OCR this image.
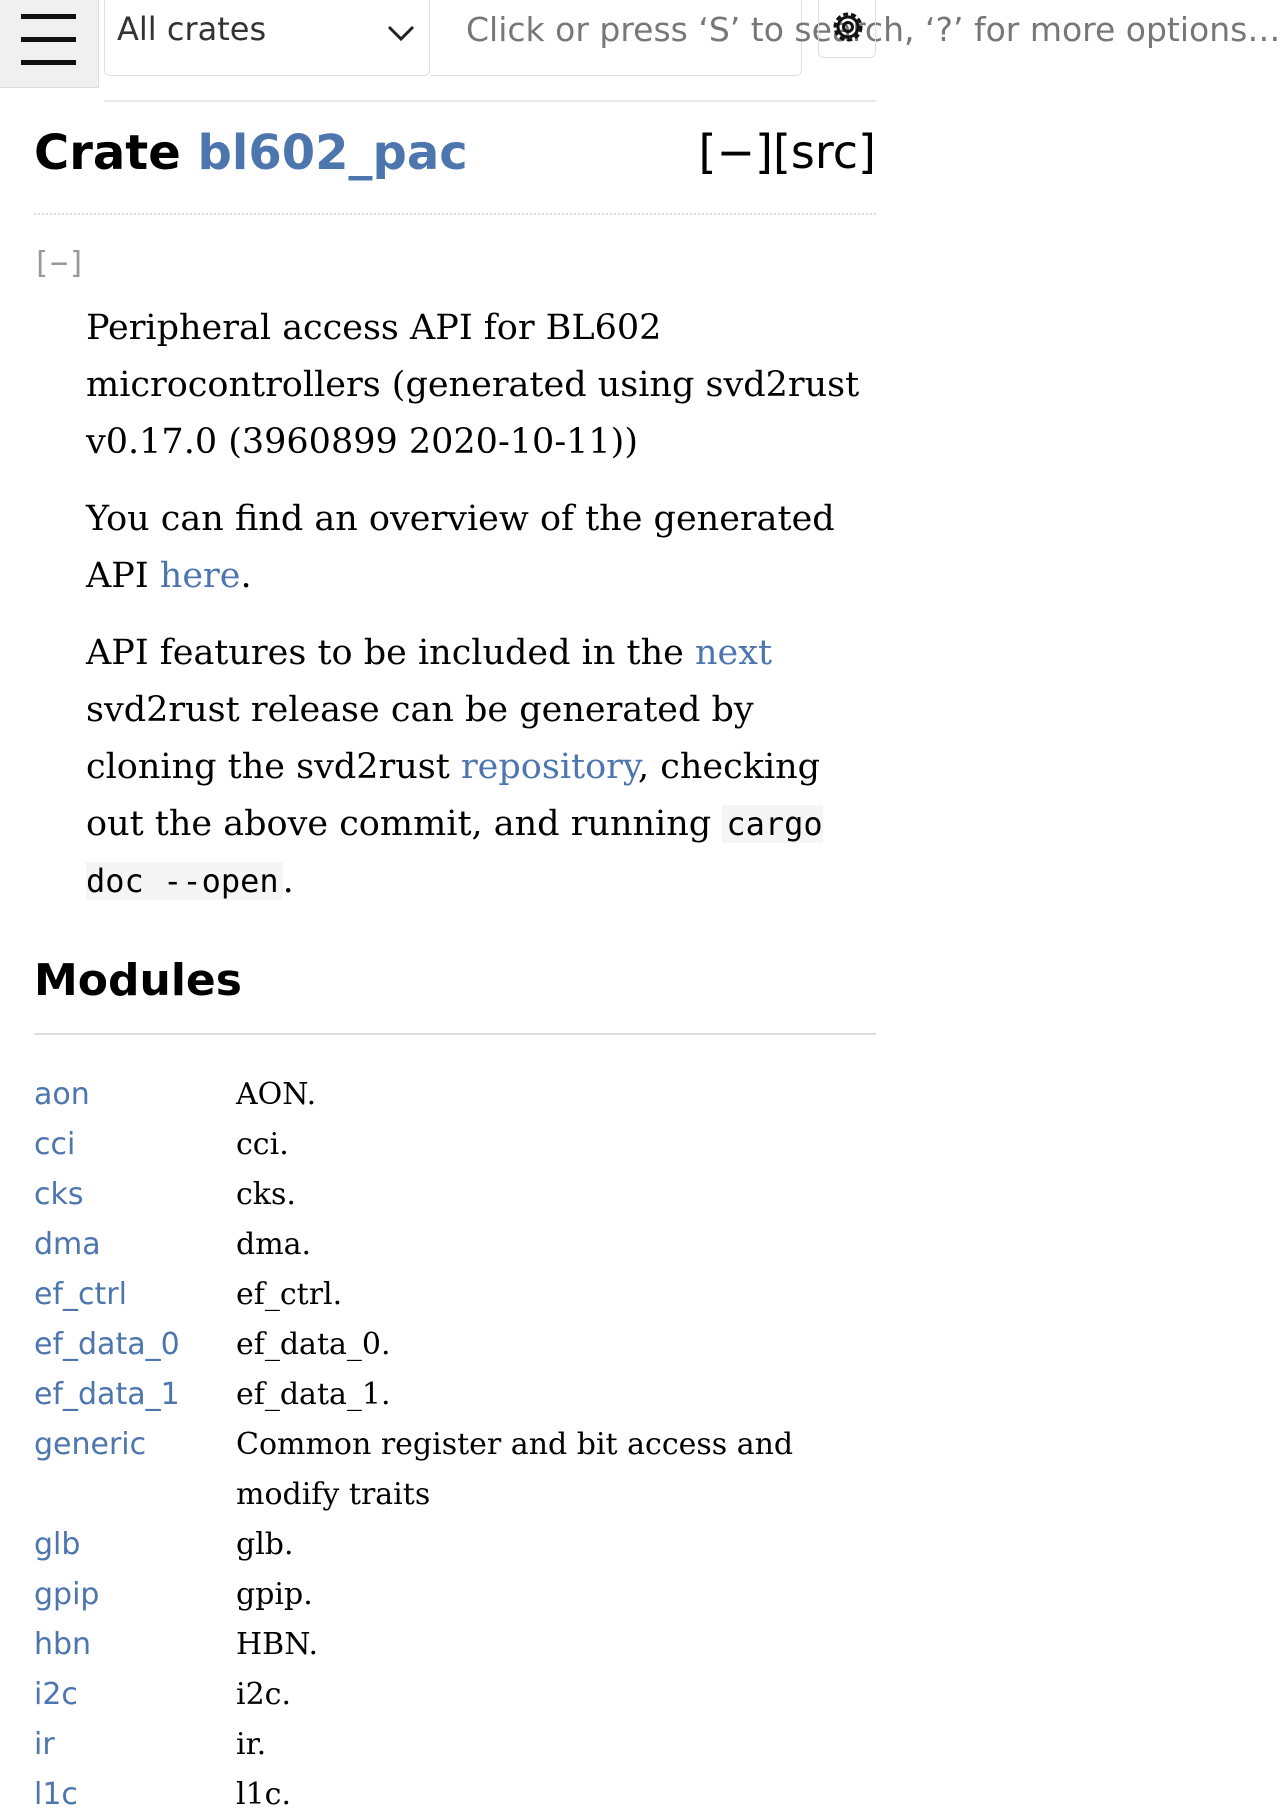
All crates	Click or press ‘S’ to search, ‘?’ for more options…
Crate bl602_pac	[−][src]
[−]

Peripheral access API for BL602 microcontrollers (generated using svd2rust v0.17.0 (3960899 2020-10-11))

You can find an overview of the generated API here.

API features to be included in the next svd2rust release can be generated by cloning the svd2rust repository, checking out the above commit, and running cargo doc --open .

Modules
aon	AON.
cci	cci.
cks	cks.
dma	dma.
ef_ctrl	ef_ctrl.
ef_data_0	ef_data_0.
ef_data_1	ef_data_1.
generic	Common register and bit access and modify traits
glb	glb.
gpip	gpip.
hbn	HBN.
i2c	i2c.
ir	ir.
l1c	l1c.
